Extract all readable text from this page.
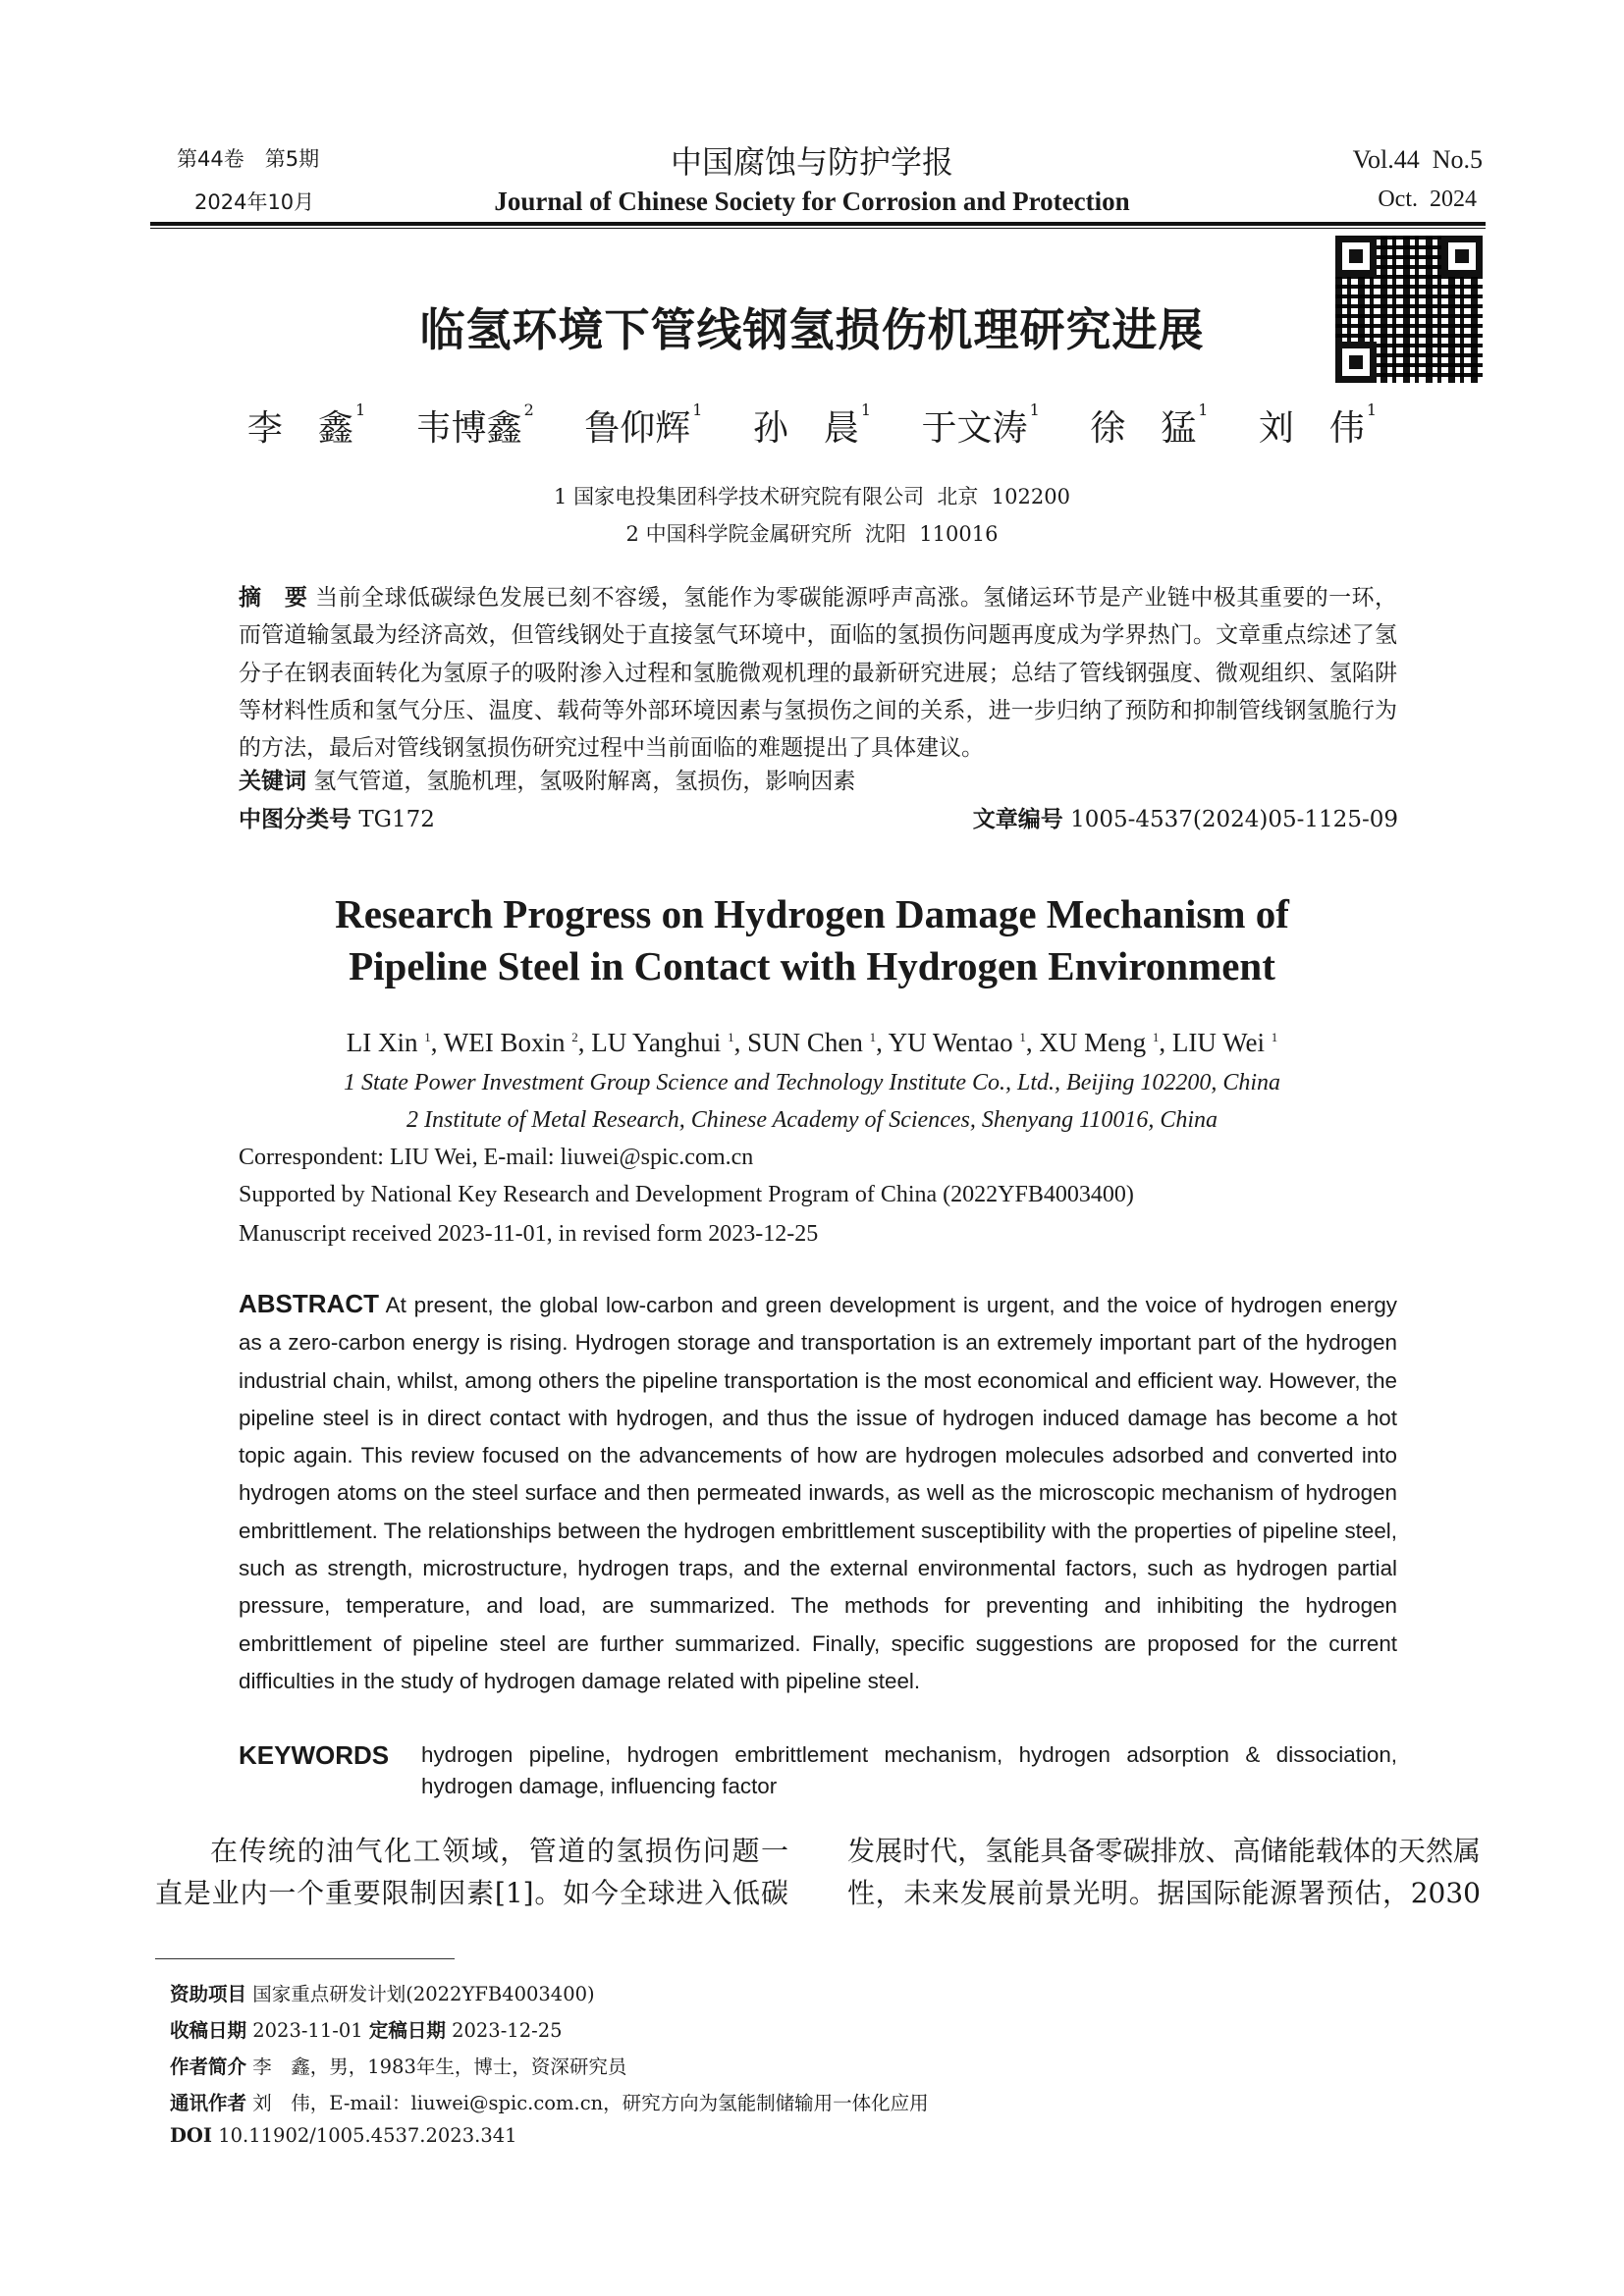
第44卷　第5期
2024年10月
中国腐蚀与防护学报
Journal of Chinese Society for Corrosion and Protection
Vol.44  No.5
Oct.  2024
临氢环境下管线钢氢损伤机理研究进展
李　鑫 $^1$ 韦博鑫 $^2$ 鲁仰辉 $^1$ 孙　晨 $^1$ 于文涛 $^1$ 徐　猛 $^1$ 刘　伟 $^1$
1 国家电投集团科学技术研究院有限公司  北京  102200
2 中国科学院金属研究所  沈阳  110016
摘　要 当前全球低碳绿色发展已刻不容缓，氢能作为零碳能源呼声高涨。氢储运环节是产业链中极其重要的一环，而管道输氢最为经济高效，但管线钢处于直接氢气环境中，面临的氢损伤问题再度成为学界热门。文章重点综述了氢分子在钢表面转化为氢原子的吸附渗入过程和氢脆微观机理的最新研究进展；总结了管线钢强度、微观组织、氢陷阱等材料性质和氢气分压、温度、载荷等外部环境因素与氢损伤之间的关系，进一步归纳了预防和抑制管线钢氢脆行为的方法，最后对管线钢氢损伤研究过程中当前面临的难题提出了具体建议。
关键词 氢气管道，氢脆机理，氢吸附解离，氢损伤，影响因素
中图分类号 TG172	文章编号 1005-4537(2024)05-1125-09
Research Progress on Hydrogen Damage Mechanism of
Pipeline Steel in Contact with Hydrogen Environment
LI Xin $^1$, WEI Boxin $^2$, LU Yanghui $^1$, SUN Chen $^1$, YU Wentao $^1$, XU Meng $^1$, LIU Wei $^1$
1 State Power Investment Group Science and Technology Institute Co., Ltd., Beijing 102200, China
2 Institute of Metal Research, Chinese Academy of Sciences, Shenyang 110016, China
Correspondent: LIU Wei, E-mail: liuwei@spic.com.cn
Supported by National Key Research and Development Program of China (2022YFB4003400)
Manuscript received 2023-11-01, in revised form 2023-12-25
ABSTRACT At present, the global low-carbon and green development is urgent, and the voice of hydrogen energy as a zero-carbon energy is rising. Hydrogen storage and transportation is an extremely important part of the hydrogen industrial chain, whilst, among others the pipeline transportation is the most economical and efficient way. However, the pipeline steel is in direct contact with hydrogen, and thus the issue of hydrogen induced damage has become a hot topic again. This review focused on the advancements of how are hydrogen molecules adsorbed and converted into hydrogen atoms on the steel surface and then permeated inwards, as well as the microscopic mechanism of hydrogen embrittlement. The relationships between the hydrogen embrittlement susceptibility with the properties of pipeline steel, such as strength, microstructure, hydrogen traps, and the external environmental factors, such as hydrogen partial pressure, temperature, and load, are summarized. The methods for preventing and inhibiting the hydrogen embrittlement of pipeline steel are further summarized. Finally, specific suggestions are proposed for the current difficulties in the study of hydrogen damage related with pipeline steel.
KEYWORDS	hydrogen pipeline, hydrogen embrittlement mechanism, hydrogen adsorption & dissociation, hydrogen damage, influencing factor
在传统的油气化工领域，管道的氢损伤问题一
直是业内一个重要限制因素[1]。如今全球进入低碳
发展时代，氢能具备零碳排放、高储能载体的天然属
性，未来发展前景光明。据国际能源署预估，2030
资助项目 国家重点研发计划(2022YFB4003400)
收稿日期 2023-11-01 定稿日期 2023-12-25
作者简介 李　鑫，男，1983年生，博士，资深研究员
通讯作者 刘　伟，E-mail：liuwei@spic.com.cn，研究方向为氢能制储输用一体化应用
DOI 10.11902/1005.4537.2023.341
